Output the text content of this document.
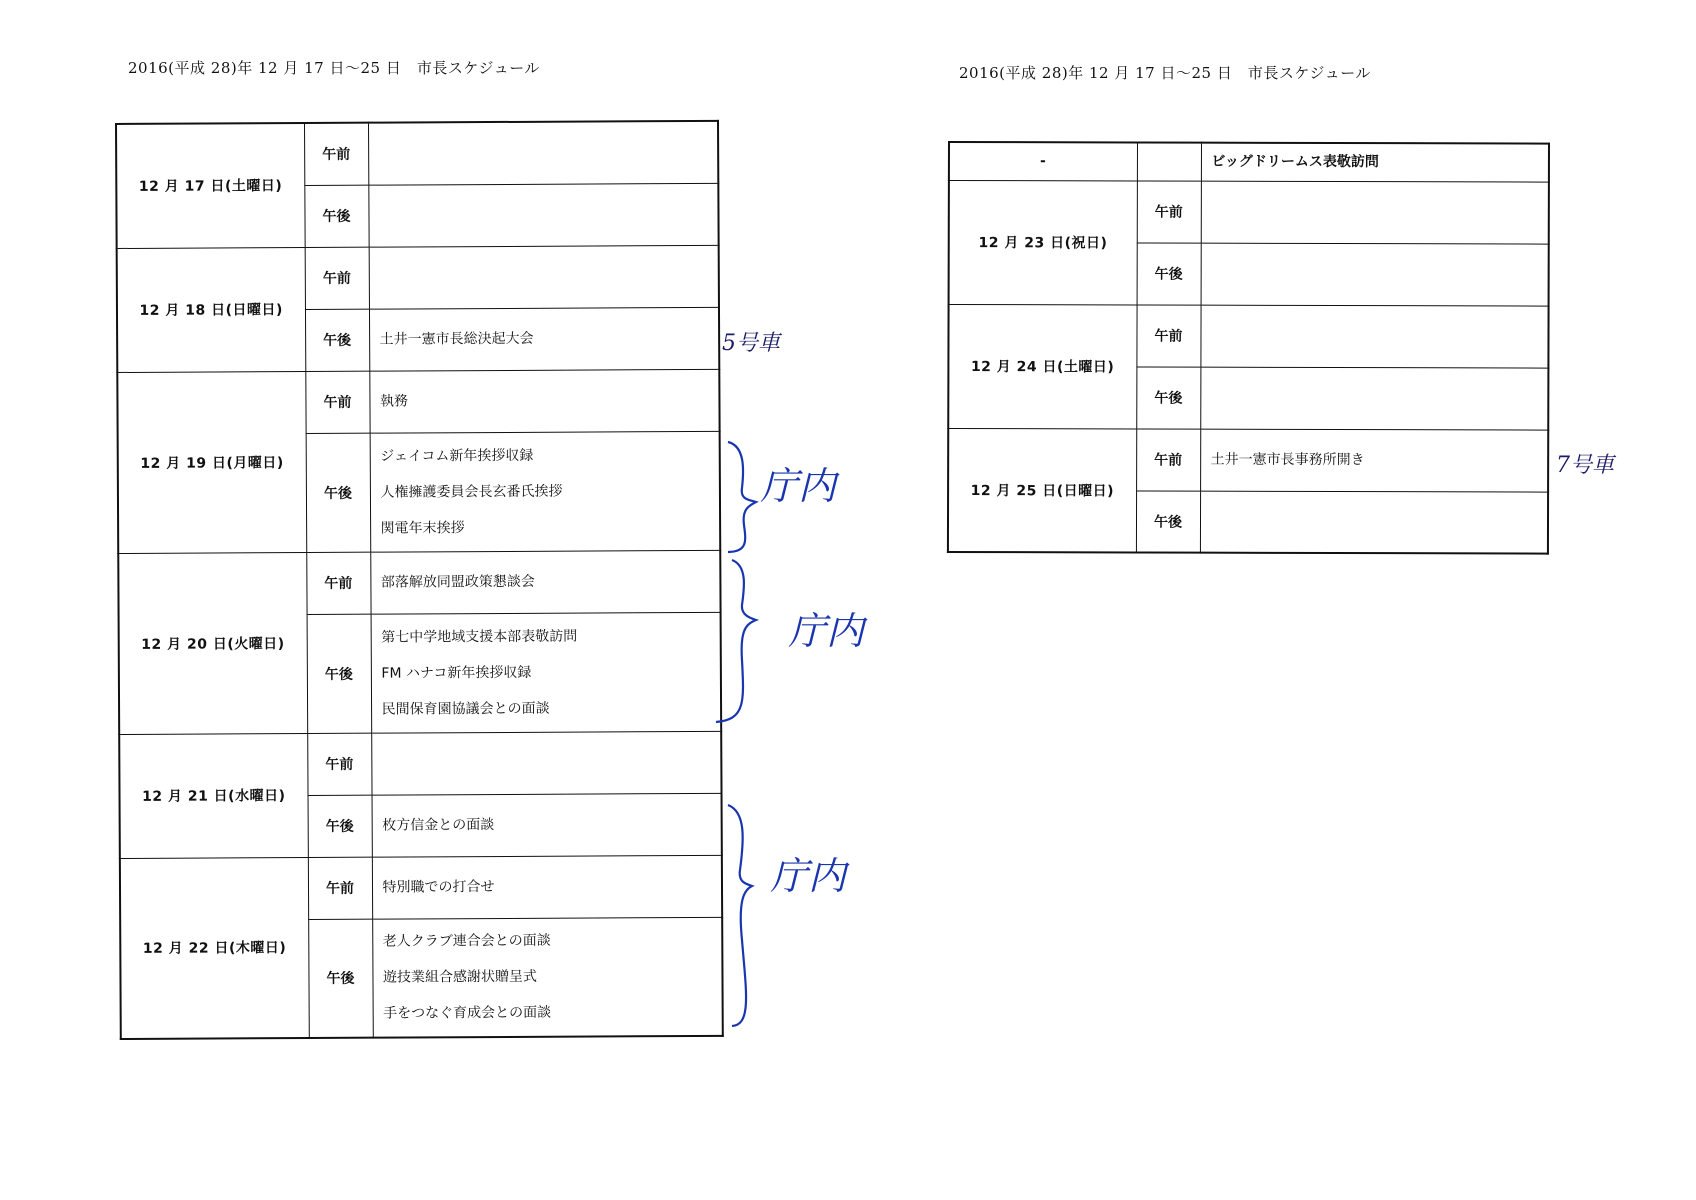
2016(平成 28)年 12 月 17 日～25 日　市長スケジュール	2016(平成 28)年 12 月 17 日～25 日　市長スケジュール
12 月 17 日(土曜日)	午前	
	午後	
12 月 18 日(日曜日)	午前	
	午後	土井一憲市長総決起大会

12 月 19 日(月曜日)	午前	執務

	午後	ジェイコム新年挨拶収録
人権擁護委員会長玄番氏挨拶
関電年末挨拶

12 月 20 日(火曜日)	午前	部落解放同盟政策懇談会

	午後	第七中学地域支援本部表敬訪問
FM ハナコ新年挨拶収録
民間保育園協議会との面談

12 月 21 日(水曜日)	午前	
	午後	枚方信金との面談

12 月 22 日(木曜日)	午前	特別職での打合せ

	午後	老人クラブ連合会との面談
遊技業組合感謝状贈呈式
手をつなぐ育成会との面談
-		ビッグドリームス表敬訪問

12 月 23 日(祝日)	午前	
	午後	
12 月 24 日(土曜日)	午前	
	午後	
12 月 25 日(日曜日)	午前	土井一憲市長事務所開き

	午後	
5号車
7号車
庁内
庁内
庁内
